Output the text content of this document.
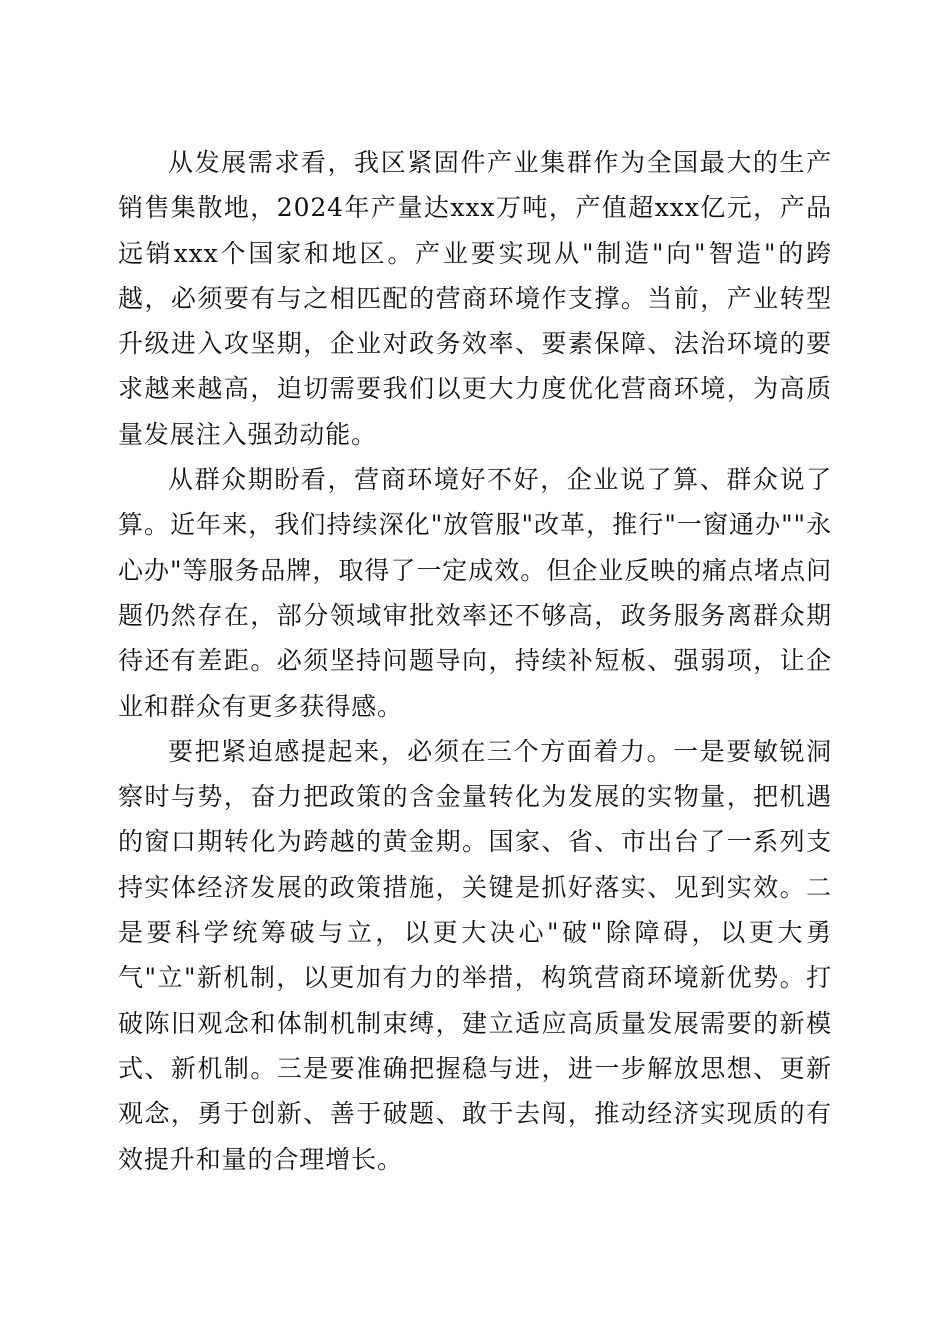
从发展需求看，我区紧固件产业集群作为全国最大的生产销售集散地，2024年产量达xxx万吨，产值超xxx亿元，产品远销xxx个国家和地区。产业要实现从"制造"向"智造"的跨越，必须要有与之相匹配的营商环境作支撑。当前，产业转型升级进入攻坚期，企业对政务效率、要素保障、法治环境的要求越来越高，迫切需要我们以更大力度优化营商环境，为高质量发展注入强劲动能。

从群众期盼看，营商环境好不好，企业说了算、群众说了算。近年来，我们持续深化"放管服"改革，推行"一窗通办""永心办"等服务品牌，取得了一定成效。但企业反映的痛点堵点问题仍然存在，部分领域审批效率还不够高，政务服务离群众期待还有差距。必须坚持问题导向，持续补短板、强弱项，让企业和群众有更多获得感。

要把紧迫感提起来，必须在三个方面着力。一是要敏锐洞察时与势，奋力把政策的含金量转化为发展的实物量，把机遇的窗口期转化为跨越的黄金期。国家、省、市出台了一系列支持实体经济发展的政策措施，关键是抓好落实、见到实效。二是要科学统筹破与立，以更大决心"破"除障碍，以更大勇气"立"新机制，以更加有力的举措，构筑营商环境新优势。打破陈旧观念和体制机制束缚，建立适应高质量发展需要的新模式、新机制。三是要准确把握稳与进，进一步解放思想、更新观念，勇于创新、善于破题、敢于去闯，推动经济实现质的有效提升和量的合理增长。
